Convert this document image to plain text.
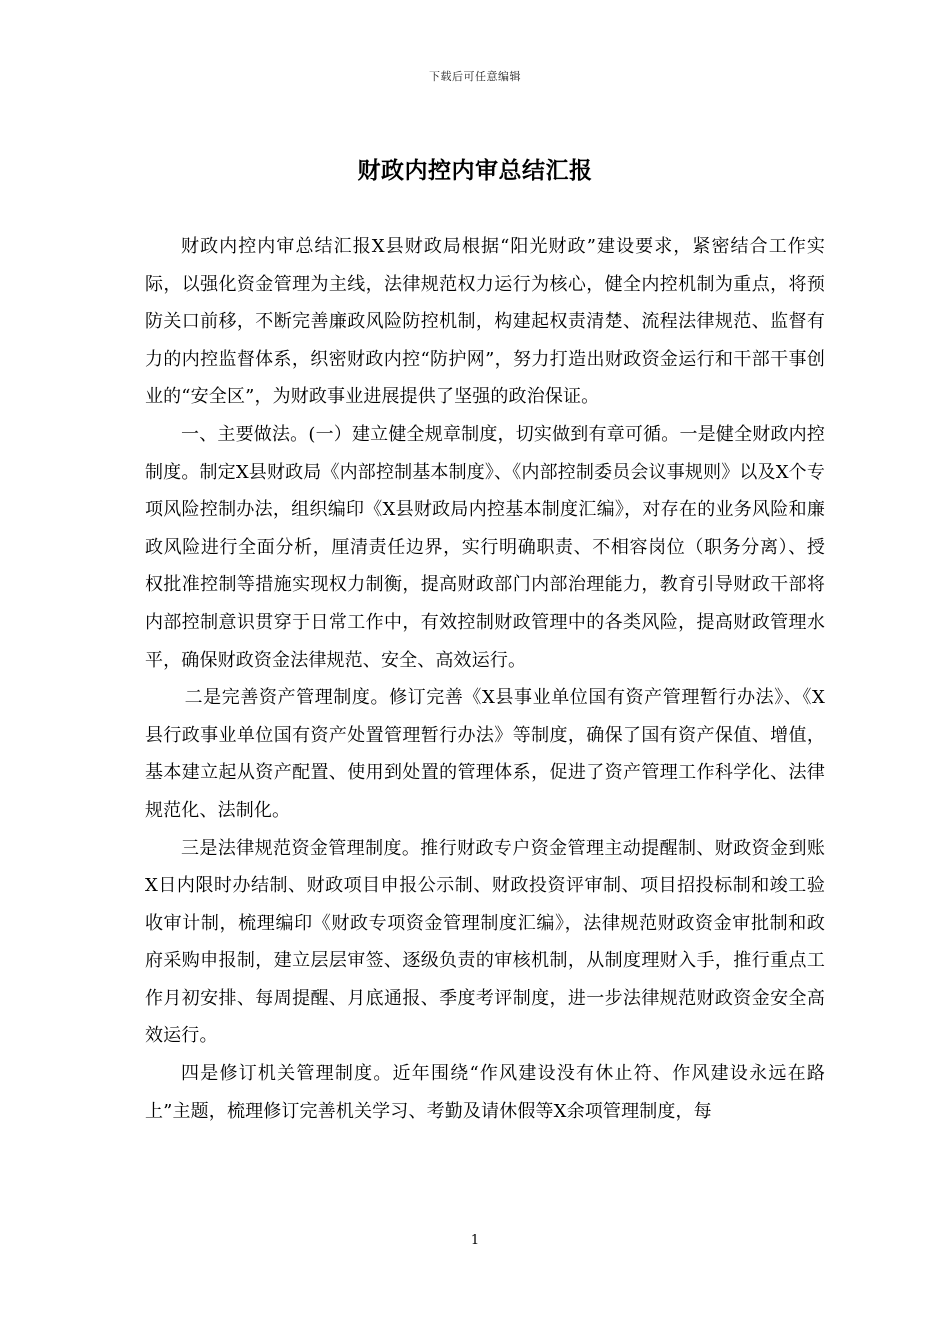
下载后可任意编辑
财政内控内审总结汇报

财政内控内审总结汇报X县财政局根据“阳光财政”建设要求，紧密结合工作实际，以强化资金管理为主线，法律规范权力运行为核心，健全内控机制为重点，将预防关口前移，不断完善廉政风险防控机制，构建起权责清楚、流程法律规范、监督有力的内控监督体系，织密财政内控“防护网”，努力打造出财政资金运行和干部干事创业的“安全区”，为财政事业进展提供了坚强的政治保证。

一、主要做法。(一）建立健全规章制度，切实做到有章可循。一是健全财政内控制度。制定X县财政局《内部控制基本制度》、《内部控制委员会议事规则》以及X个专项风险控制办法，组织编印《X县财政局内控基本制度汇编》，对存在的业务风险和廉政风险进行全面分析，厘清责任边界，实行明确职责、不相容岗位（职务分离）、授权批准控制等措施实现权力制衡，提高财政部门内部治理能力，教育引导财政干部将内部控制意识贯穿于日常工作中，有效控制财政管理中的各类风险，提高财政管理水平，确保财政资金法律规范、安全、高效运行。

二是完善资产管理制度。修订完善《X县事业单位国有资产管理暂行办法》、《X县行政事业单位国有资产处置管理暂行办法》等制度，确保了国有资产保值、增值，基本建立起从资产配置、使用到处置的管理体系，促进了资产管理工作科学化、法律规范化、法制化。

三是法律规范资金管理制度。推行财政专户资金管理主动提醒制、财政资金到账X日内限时办结制、财政项目申报公示制、财政投资评审制、项目招投标制和竣工验收审计制，梳理编印《财政专项资金管理制度汇编》，法律规范财政资金审批制和政府采购申报制，建立层层审签、逐级负责的审核机制，从制度理财入手，推行重点工作月初安排、每周提醒、月底通报、季度考评制度，进一步法律规范财政资金安全高效运行。

四是修订机关管理制度。近年围绕“作风建设没有休止符、作风建设永远在路上”主题，梳理修订完善机关学习、考勤及请休假等X余项管理制度，每

1
